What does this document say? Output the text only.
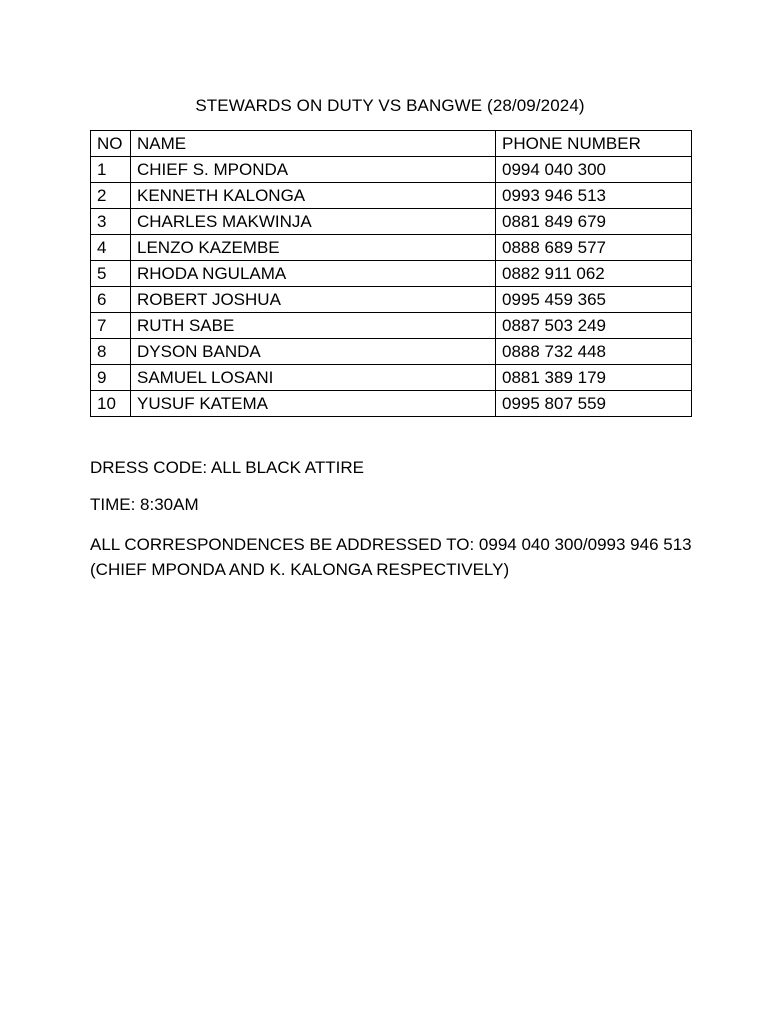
STEWARDS ON DUTY VS BANGWE (28/09/2024)
NO	NAME	PHONE NUMBER
1	CHIEF S. MPONDA	0994 040 300
2	KENNETH KALONGA	0993 946 513
3	CHARLES MAKWINJA	0881 849 679
4	LENZO KAZEMBE	0888 689 577
5	RHODA NGULAMA	0882 911 062
6	ROBERT JOSHUA	0995 459 365
7	RUTH SABE	0887 503 249
8	DYSON BANDA	0888 732 448
9	SAMUEL LOSANI	0881 389 179
10	YUSUF KATEMA	0995 807 559

DRESS CODE: ALL BLACK ATTIRE

TIME: 8:30AM

ALL CORRESPONDENCES BE ADDRESSED TO: 0994 040 300/0993 946 513
(CHIEF MPONDA AND K. KALONGA RESPECTIVELY)
